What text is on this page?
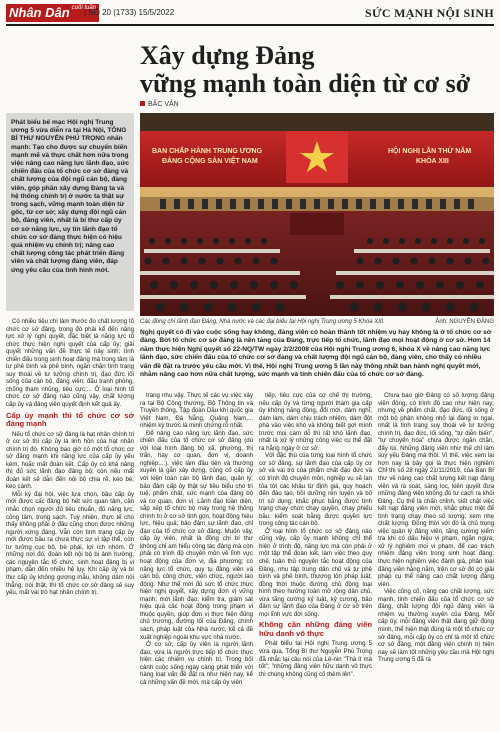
Nhân Dân $^{cuối tuần}$
| SỐ 20 (1733) 15/5/2022	SỨC MẠNH NỘI SINH
Xây dựng Đảng
vững mạnh toàn diện từ cơ sở
BẮC VÂN
Phát biểu bế mạc Hội nghị Trung ương 5 vừa diễn ra tại Hà Nội, TỔNG BÍ THƯ NGUYỄN PHÚ TRỌNG nhấn mạnh: Tạo cho được sự chuyển biến mạnh mẽ và thực chất hơn nữa trong việc nâng cao năng lực lãnh đạo, sức chiến đấu của tổ chức cơ sở đảng và chất lượng của đội ngũ cán bộ, đảng viên, góp phần xây dựng Đảng ta và hệ thống chính trị ở nước ta thật sự trong sạch, vững mạnh toàn diện từ gốc, từ cơ sở; xây dựng đội ngũ cán bộ, đảng viên, nhất là bí thư cấp ủy cơ sở năng lực, uy tín lãnh đạo tổ chức cơ sở đảng thực hiện có hiệu quả nhiệm vụ chính trị; nâng cao chất lượng công tác phát triển đảng viên và chất lượng đảng viên, đáp ứng yêu cầu của tình hình mới.
BAN CHẤP HÀNH TRUNG ƯƠNG
ĐẢNG CỘNG SẢN VIỆT NAM
HỘI NGHỊ LẦN THỨ NĂM
KHÓA XIII
Các đồng chí lãnh đạo Đảng, Nhà nước và các đại biểu tại Hội nghị Trung ương 5 Khóa XIII.	Ảnh: NGUYỄN ĐĂNG
Nghị quyết có đi vào cuộc sống hay không, đảng viên có hoàn thành tốt nhiệm vụ hay không là ở tổ chức cơ sở đảng. Bởi tổ chức cơ sở đảng là nền tảng của Đảng, trực tiếp tổ chức, lãnh đạo mọi hoạt động ở cơ sở. Hơn 14 năm thực hiện Nghị quyết số 22-NQ/TW ngày 2/2/2008 của Hội nghị Trung ương 6, khóa X về nâng cao năng lực lãnh đạo, sức chiến đấu của tổ chức cơ sở đảng và chất lượng đội ngũ cán bộ, đảng viên, cho thấy có nhiều vấn đề đặt ra trước yêu cầu mới. Vì thế, Hội nghị Trung ương 5 lần này thông nhất ban hành nghị quyết mới, nhằm nâng cao hơn nữa chất lượng, sức mạnh và tính chiến đấu của tổ chức cơ sở đảng.

Có nhiều tiêu chí làm thước đo chất lượng tổ chức cơ sở đảng, trong đó phải kể đến năng lực xử lý nghị quyết, đặc biệt là năng lực tổ chức thực hiện nghị quyết của cấp ủy; giải quyết những vấn đề thực tế nảy sinh; tính chiến đấu trong sinh hoạt đảng mà trong tâm là tự phê bình và phê bình, ngăn chặn tình trạng suy thoái về tư tưởng chính trị, đạo đức lối sống của cán bộ, đảng viên; đấu tranh phòng, chống tham nhũng, tiêu cực;... Ở loại hình tổ chức cơ sở đảng nào cũng vậy, chất lượng cấp ủy và đảng viên quyết định kết quả ấy.

Cấp ủy mạnh thì tổ chức cơ sở đảng mạnh

Nếu tổ chức cơ sở đảng là hạt nhân chính trị ở cơ sở thì cấp ủy là linh hồn của hạt nhân chính trị đó. Không bao giờ có một tổ chức cơ sở đảng mạnh khi năng lực của cấp ủy yếu kém, hoặc mất đoàn kết. Cấp ủy có khả năng thì đủ sức lãnh đạo đảng bộ; còn nếu mất đoàn kết sẽ dẫn đến nội bộ chia rẽ, kéo bè, kéo cánh.

Mỗi ký đại hội, việc lựa chọn, bầu cấp ủy mới được các đảng bộ hết sức quan tâm, cân nhắc chọn người đủ tiêu chuẩn, đủ năng lực, công tâm, trong sạch. Tuy nhiên, thực tế cho thấy không phải ở đâu cũng chọn được những người xứng đáng. Vẫn còn tình trạng cấp ủy mới được bầu ra chưa thực sự vì tập thể, còn tư tưởng cục bộ, bè phái, lợi ích nhóm. Ở những nơi đó, đoàn kết nội bộ bị ảnh hưởng, các nguyên tắc tổ chức, sinh hoạt đảng bị vi phạm, dẫn đến nhiều hệ lụy. Khi cấp ủy và bí thư cấp ủy không gương mẫu, không dám nói thẳng, nói thật, thì tổ chức cơ sở đảng sẽ suy yếu, mất vai trò hạt nhân chính trị.

trang nhu vậy. Thực tế các vụ việc xảy ra tại Bộ Công thương, Bộ Thông tin và Truyền thông, Tập đoàn Dầu khí quốc gia Việt Nam, Đà Nẵng, Quảng Nam,... nhiệm kỳ trước là minh chứng rõ nhất.

Để nâng cao năng lực lãnh đạo, sức chiến đấu của tổ chức cơ sở đảng (dù với loại hình đảng bộ xã, phường, thị trấn, hay cơ quan, đơn vị, doanh nghiệp,...), việc làm đầu tiên và thường xuyên là gắn xây dựng, củng cố cấp ủy với kiện toàn cán bộ lãnh đạo, quản lý; bảo đảm cấp ủy thật sự tiêu biểu cho trí tuệ, phẩm chất, sức mạnh của đảng bộ và cơ quan, đơn vị. Lãnh đạo toàn diện, sắp xếp tổ chức bộ máy trong hệ thống chính trị ở cơ sở tinh gọn, hoạt động hiệu lực, hiệu quả; bảo đảm sự lãnh đạo, chỉ đạo của tổ chức cơ sở đảng. Muốn vậy, cấp ủy viên, nhất là đồng chí bí thư không chỉ am hiểu công tác đảng mà còn phải có trình độ chuyên môn về lĩnh vực hoạt động của đơn vị, địa phương; có năng lực tổ chức, quy tụ đảng viên và cán bộ, công chức, viên chức, người lao động. Như thế mới đủ sức tổ chức thực hiện nghị quyết, xây dựng đơn vị vững mạnh; mới lãnh đạo, kiểm tra, giám sát hiệu quả các hoạt động trong phạm vi thuộc quyền, giúp đơn vị thực hiện đúng chủ trương, đường lối của Đảng, chính sách, pháp luật của Nhà nước, kể cả đề xuất nghiệp ngoài khu vực nhà nước.

Ở cơ sở, cấp ủy viên là người lãnh đạo, vừa là người trực tiếp tổ chức thực hiện các nhiệm vụ chính trị. Trong bối cảnh cuộc sống ngày càng phát triển với hàng loạt vấn đề đặt ra như hiện nay, kể cả những vấn đề mới, mà cấp ủy viên

tiếp, tiêu cực của cơ chế thị trường, nếu cấp ủy và từng người tham gia cấp ủy không năng động, đổi mới, dám nghĩ, dám làm, dám chịu trách nhiệm, dám đột phá vào việc khó và không biết gợi mình trước mọi cám dỗ thì rất khó lãnh đạo, nhất là xử lý những công việc cụ thể đặt ra hằng ngày ở cơ sở.

Với đặc thù của từng loại hình tổ chức cơ sở đảng, sự lãnh đạo của cấp ủy cơ sở và vai trò của phẩm chất đạo đức và có trình độ chuyên môn, nghiệp vụ sẽ lan tỏa tới các khâu từ định giá, quy hoạch đến đào tạo, bồi dưỡng rèn luyện và bố trí sử dụng; khắc phục bằng được tình trạng chạy chức chạy quyền, chạy phiếu bầu; kiểm soát bằng được quyền lực trong công tác cán bộ.

Ở loại hình tổ chức cơ sở đảng nào cũng vậy, cấp ủy mạnh không chỉ thể hiện ở trình độ, năng lực mà còn phải ở một tập thể đoàn kết, làm việc theo quy chế, tuân thủ nguyên tắc hoạt động của Đảng, nhu tập trung dân chủ và tự phê bình và phê bình, thượng tôn pháp luật; đồng thời thuộc đường chủ động loại hình theo hướng toàn mở rộng dân chủ, vừa tăng cường kỷ luật, kỷ cương, bảo đảm sự lãnh đạo của Đảng ở cơ sở trên mọi lĩnh vực đời sống.

Không cần những đảng viên hữu danh vô thực

Phát biểu tại Hội nghị Trung ương 5 vừa qua, Tổng Bí thư Nguyễn Phú Trọng đã nhắc lại câu nói của Lê-nin "Thà ít mà tốt"; "những đảng viên hữu danh vô thực thì chúng không cũng cố thêm lên".

Chưa bao giờ Đảng có số lượng đảng viên đông, có trình độ cao như hiện nay; nhưng về phẩm chất, đạo đức, lối sống ở một bộ phận không nhỏ lại đáng lo ngại, nhất là tình trạng suy thoái về tư tưởng chính trị, đạo đức, lối sống, "tự diễn biến", "tự chuyển hóa" chưa được ngăn chặn, đẩy lùi. Những đảng viên như thế chỉ làm suy yếu Đảng mà thôi. Vì thế, việc xem lại hơn nay là bảy gọi là thực hiện nghiêm Chỉ thị số 28 ngày 21/11/2019, của Ban Bí thư về nâng cao chất lượng kết nạp đảng viên và rà soát, sàng lọc, kiên quyết đưa những đảng viên không đủ tư cách ra khỏi Đảng. Cụ thể là chấn chỉnh, siết chặt việc kết nạp đảng viên mới, khắc phục triệt để tình trạng chạy theo số lượng, xem nhẹ chất lượng. Đồng thời với đó là chủ trọng việc quản lý đảng viên, tăng cường kiểm tra khi có dấu hiệu vi phạm, ngăn ngừa, xử lý nghiêm mọi vi phạm, để cao trách nhiệm đảng viên trong sinh hoạt đảng; thực hiện nghiêm việc đánh giá, phân loại đảng viên hằng năm, trên cơ sở đó có giải pháp cụ thể nâng cao chất lượng đảng viên.

Việc củng cố, nâng cao chất lượng, sức mạnh, tính chiến đấu của tổ chức cơ sở đảng, chất lượng đội ngũ đảng viên là nhiệm vụ thường xuyên của Đảng. Mỗi cấp ủy, mỗi đảng viên thật đang giữ đúng mình, thể hiện thật đúng là một tổ chức cơ sở đảng, mỗi cấp ủy có chỉ là một tổ chức cơ sở đảng, một đảng viên chính trị hiện nay sẽ làm tốt những yêu cầu mà Hội nghị Trung ương 5 đã ra
